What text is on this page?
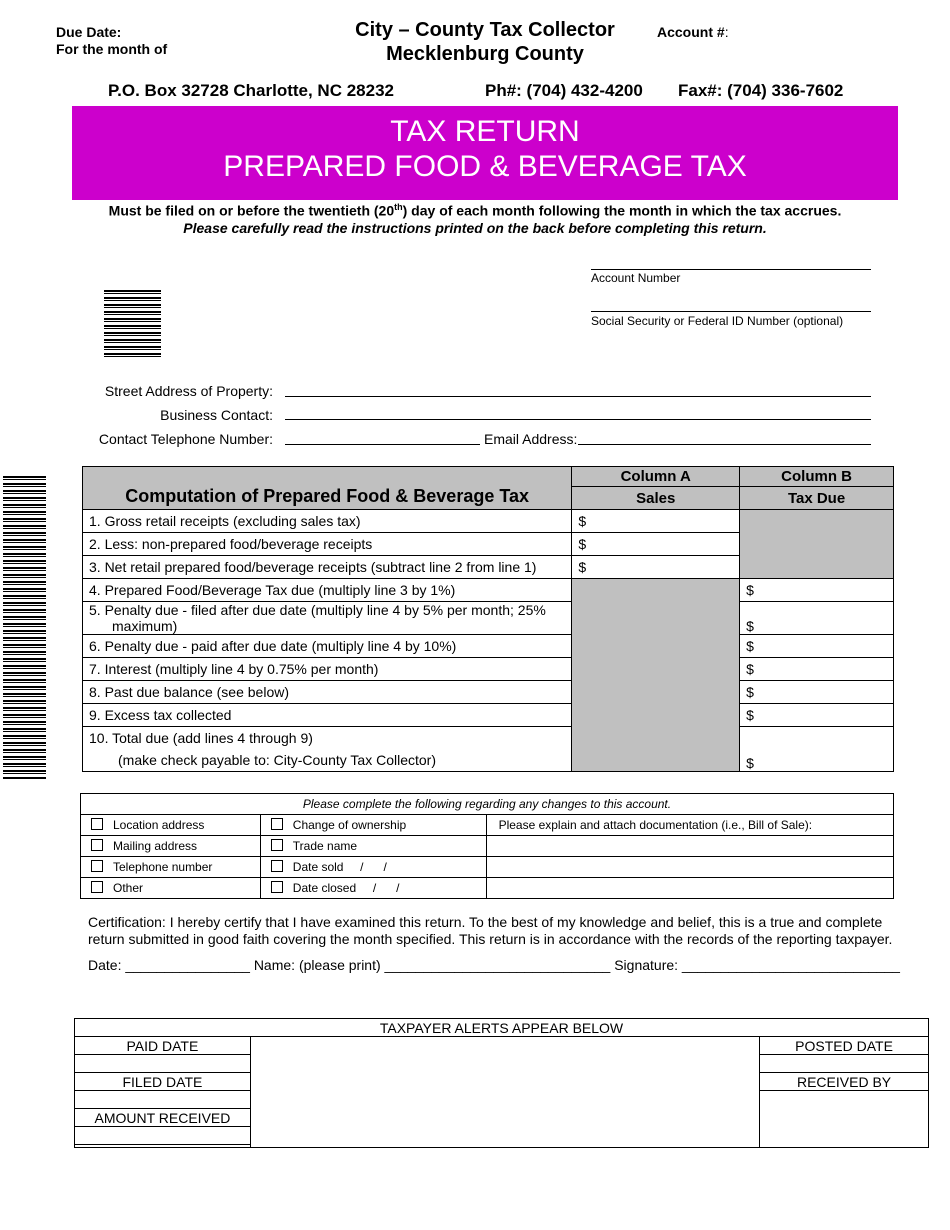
Due Date:
For the month of
City – County Tax Collector
Mecklenburg County
Account #:
P.O. Box 32728 Charlotte, NC 28232	Ph#: (704) 432-4200 Fax#: (704) 336-7602
TAX RETURN
PREPARED FOOD & BEVERAGE TAX
Must be filed on or before the twentieth (20th) day of each month following the month in which the tax accrues.
Please carefully read the instructions printed on the back before completing this return.
Account Number
Social Security or Federal ID Number (optional)
Street Address of Property:
Business Contact:
Contact Telephone Number:	Email Address:
Computation of Prepared Food & Beverage Tax	Column A	Column B
	Sales	Tax Due
1. Gross retail receipts (excluding sales tax)	$	
2. Less: non-prepared food/beverage receipts	$	
3. Net retail prepared food/beverage receipts (subtract line 2 from line 1)	$	
4. Prepared Food/Beverage Tax due (multiply line 3 by 1%)		$

5. Penalty due - filed after due date (multiply line 4 by 5% per month; 25%
maximum)		$
6. Penalty due - paid after due date (multiply line 4 by 10%)		$
7. Interest (multiply line 4 by 0.75% per month)		$
8. Past due balance (see below)		$
9. Excess tax collected		$
10. Total due (add lines 4 through 9)		$
(make check payable to: City-County Tax Collector)		
Please complete the following regarding any changes to this account.		
Location address	Change of ownership	Please explain and attach documentation (i.e., Bill of Sale):
Mailing address	Trade name	
Telephone number	Date sold     /      /	
Other	Date closed     /      /	
Certification: I hereby certify that I have examined this return. To the best of my knowledge and belief, this is a true and complete return submitted in good faith covering the month specified. This return is in accordance with the records of the reporting taxpayer.
Date: ________________ Name: (please print) _____________________________ Signature: ____________________________
TAXPAYER ALERTS APPEAR BELOW		
PAID DATE		POSTED DATE

FILED DATE		RECEIVED BY

AMOUNT RECEIVED		
